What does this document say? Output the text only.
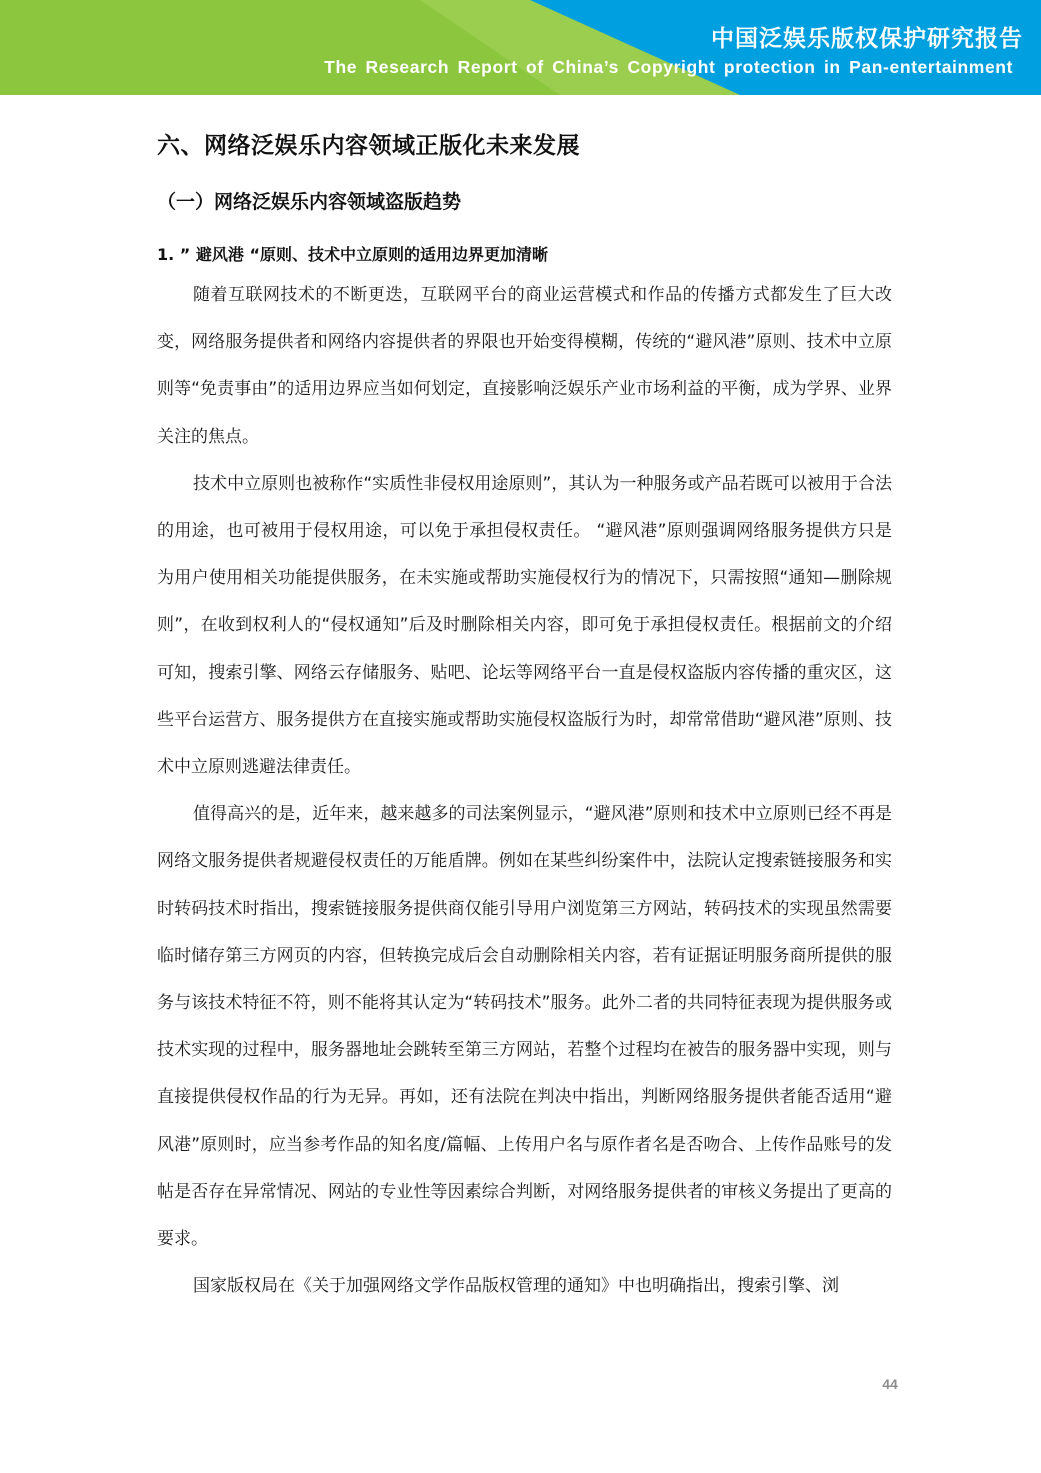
中国泛娱乐版权保护研究报告
The Research Report of China’s Copyright protection in Pan-entertainment
六、网络泛娱乐内容领域正版化未来发展
（一）网络泛娱乐内容领域盗版趋势
1. ” 避风港 “原则、技术中立原则的适用边界更加清晰

随着互联网技术的不断更迭，互联网平台的商业运营模式和作品的传播方式都发生了巨大改变，网络服务提供者和网络内容提供者的界限也开始变得模糊，传统的“避风港”原则、技术中立原则等“免责事由”的适用边界应当如何划定，直接影响泛娱乐产业市场利益的平衡，成为学界、业界关注的焦点。

技术中立原则也被称作“实质性非侵权用途原则”，其认为一种服务或产品若既可以被用于合法的用途，也可被用于侵权用途，可以免于承担侵权责任。 “避风港”原则强调网络服务提供方只是为用户使用相关功能提供服务，在未实施或帮助实施侵权行为的情况下，只需按照“通知—删除规则”，在收到权利人的“侵权通知”后及时删除相关内容，即可免于承担侵权责任。根据前文的介绍可知，搜索引擎、网络云存储服务、贴吧、论坛等网络平台一直是侵权盗版内容传播的重灾区，这些平台运营方、服务提供方在直接实施或帮助实施侵权盗版行为时，却常常借助“避风港”原则、技术中立原则逃避法律责任。

值得高兴的是，近年来，越来越多的司法案例显示，“避风港”原则和技术中立原则已经不再是网络文服务提供者规避侵权责任的万能盾牌。例如在某些纠纷案件中，法院认定搜索链接服务和实时转码技术时指出，搜索链接服务提供商仅能引导用户浏览第三方网站，转码技术的实现虽然需要临时储存第三方网页的内容，但转换完成后会自动删除相关内容，若有证据证明服务商所提供的服务与该技术特征不符，则不能将其认定为“转码技术”服务。此外二者的共同特征表现为提供服务或技术实现的过程中，服务器地址会跳转至第三方网站，若整个过程均在被告的服务器中实现，则与直接提供侵权作品的行为无异。再如，还有法院在判决中指出，判断网络服务提供者能否适用“避风港”原则时，应当参考作品的知名度/篇幅、上传用户名与原作者名是否吻合、上传作品账号的发帖是否存在异常情况、网站的专业性等因素综合判断，对网络服务提供者的审核义务提出了更高的要求。

国家版权局在《关于加强网络文学作品版权管理的通知》中也明确指出，搜索引擎、浏

44
